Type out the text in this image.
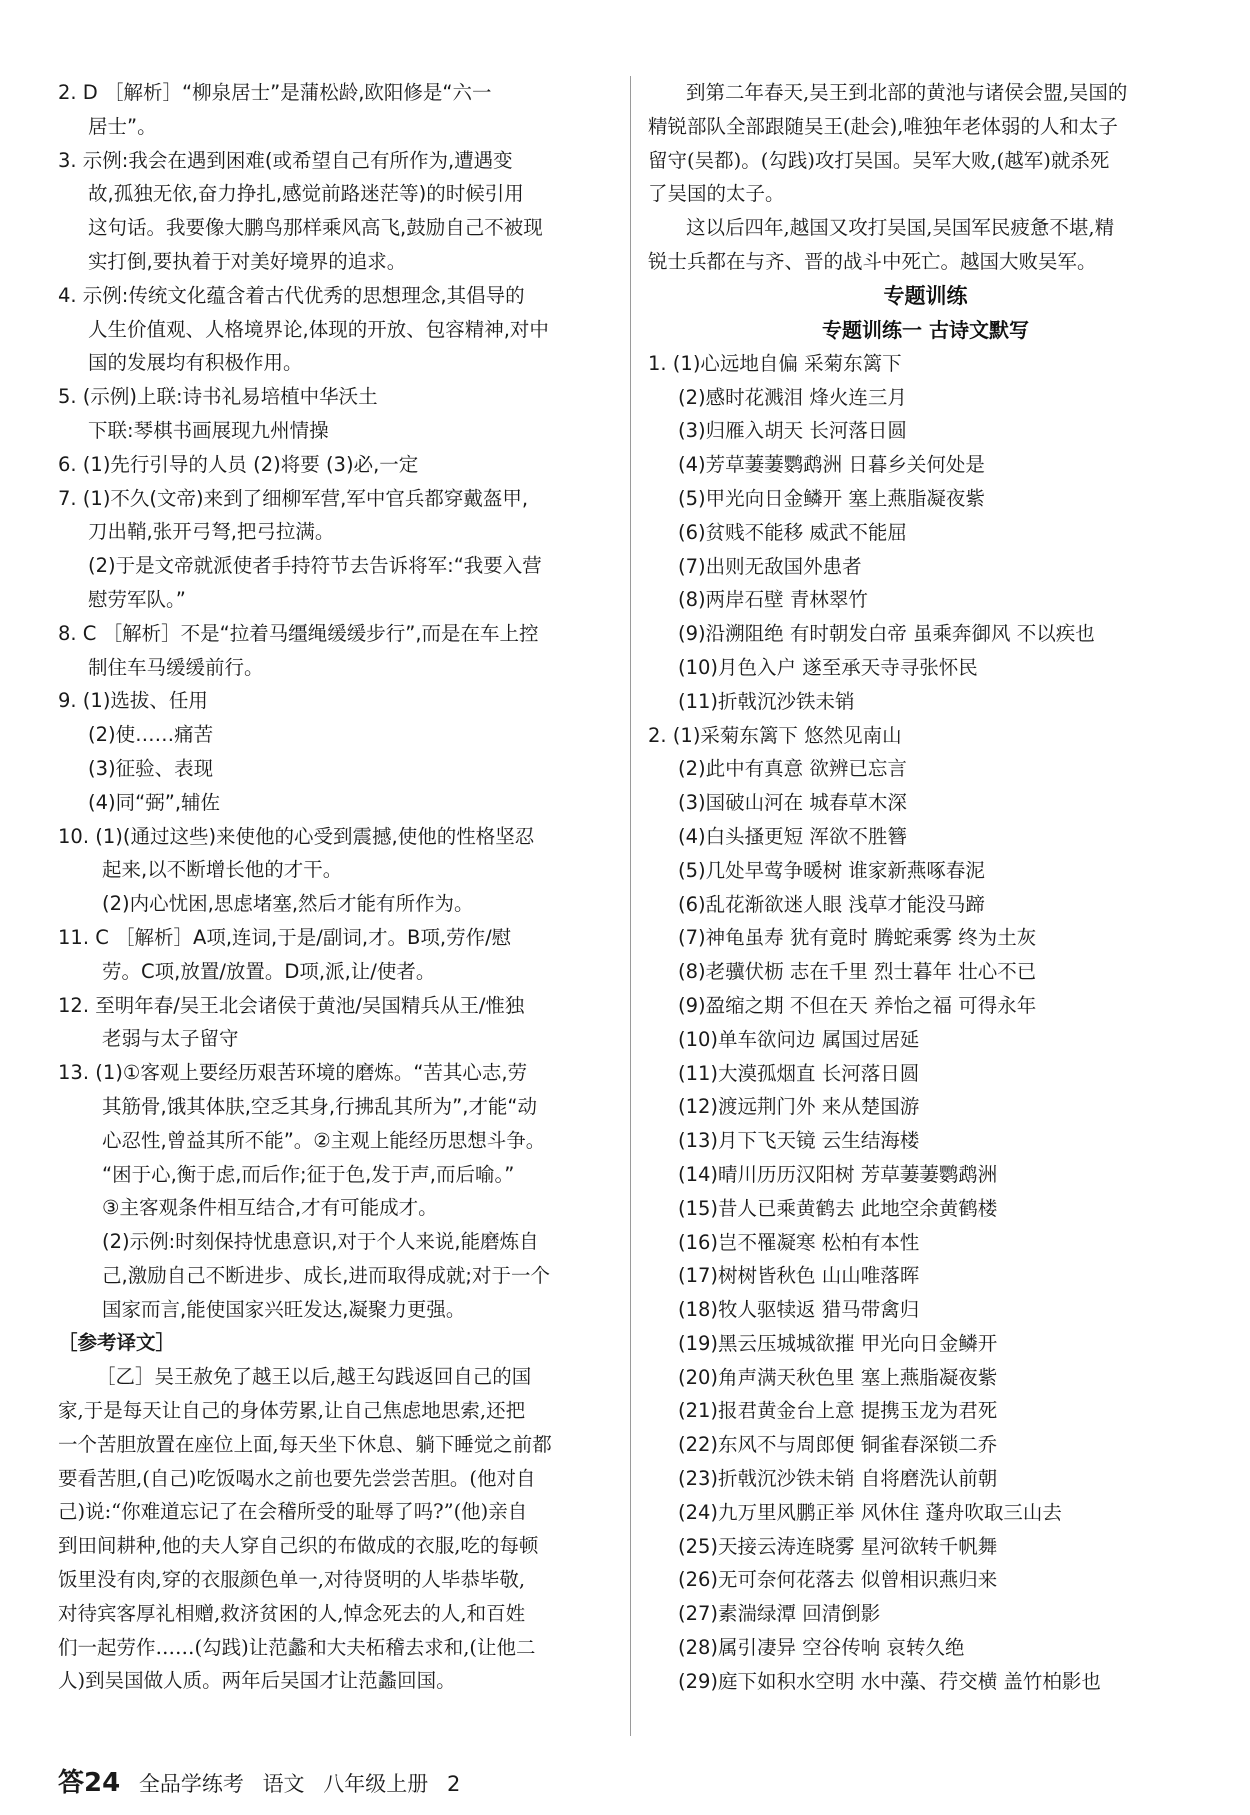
2. D ［解析］“柳泉居士”是蒲松龄,欧阳修是“六一
居士”。
3. 示例:我会在遇到困难(或希望自己有所作为,遭遇变
故,孤独无依,奋力挣扎,感觉前路迷茫等)的时候引用
这句话。我要像大鹏鸟那样乘风高飞,鼓励自己不被现
实打倒,要执着于对美好境界的追求。
4. 示例:传统文化蕴含着古代优秀的思想理念,其倡导的
人生价值观、人格境界论,体现的开放、包容精神,对中
国的发展均有积极作用。
5. (示例)上联:诗书礼易培植中华沃土
下联:琴棋书画展现九州情操
6. (1)先行引导的人员 (2)将要 (3)必,一定
7. (1)不久(文帝)来到了细柳军营,军中官兵都穿戴盔甲,
刀出鞘,张开弓弩,把弓拉满。
(2)于是文帝就派使者手持符节去告诉将军:“我要入营
慰劳军队。”
8. C ［解析］不是“拉着马缰绳缓缓步行”,而是在车上控
制住车马缓缓前行。
9. (1)选拔、任用
(2)使……痛苦
(3)征验、表现
(4)同“弼”,辅佐
10. (1)(通过这些)来使他的心受到震撼,使他的性格坚忍
起来,以不断增长他的才干。
(2)内心忧困,思虑堵塞,然后才能有所作为。
11. C ［解析］A项,连词,于是/副词,才。B项,劳作/慰
劳。C项,放置/放置。D项,派,让/使者。
12. 至明年春/吴王北会诸侯于黄池/吴国精兵从王/惟独
老弱与太子留守
13. (1)①客观上要经历艰苦环境的磨炼。“苦其心志,劳
其筋骨,饿其体肤,空乏其身,行拂乱其所为”,才能“动
心忍性,曾益其所不能”。②主观上能经历思想斗争。
“困于心,衡于虑,而后作;征于色,发于声,而后喻。”
③主客观条件相互结合,才有可能成才。
(2)示例:时刻保持忧患意识,对于个人来说,能磨炼自
己,激励自己不断进步、成长,进而取得成就;对于一个
国家而言,能使国家兴旺发达,凝聚力更强。
［参考译文］
［乙］吴王赦免了越王以后,越王勾践返回自己的国
家,于是每天让自己的身体劳累,让自己焦虑地思索,还把
一个苦胆放置在座位上面,每天坐下休息、躺下睡觉之前都
要看苦胆,(自己)吃饭喝水之前也要先尝尝苦胆。(他对自
己)说:“你难道忘记了在会稽所受的耻辱了吗?”(他)亲自
到田间耕种,他的夫人穿自己织的布做成的衣服,吃的每顿
饭里没有肉,穿的衣服颜色单一,对待贤明的人毕恭毕敬,
对待宾客厚礼相赠,救济贫困的人,悼念死去的人,和百姓
们一起劳作……(勾践)让范蠡和大夫柘稽去求和,(让他二
人)到吴国做人质。两年后吴国才让范蠡回国。
到第二年春天,吴王到北部的黄池与诸侯会盟,吴国的
精锐部队全部跟随吴王(赴会),唯独年老体弱的人和太子
留守(吴都)。(勾践)攻打吴国。吴军大败,(越军)就杀死
了吴国的太子。
这以后四年,越国又攻打吴国,吴国军民疲惫不堪,精
锐士兵都在与齐、晋的战斗中死亡。越国大败吴军。
专题训练
专题训练一 古诗文默写
1. (1)心远地自偏 采菊东篱下
(2)感时花溅泪 烽火连三月
(3)归雁入胡天 长河落日圆
(4)芳草萋萋鹦鹉洲 日暮乡关何处是
(5)甲光向日金鳞开 塞上燕脂凝夜紫
(6)贫贱不能移 威武不能屈
(7)出则无敌国外患者
(8)两岸石壁 青林翠竹
(9)沿溯阻绝 有时朝发白帝 虽乘奔御风 不以疾也
(10)月色入户 遂至承天寺寻张怀民
(11)折戟沉沙铁未销
2. (1)采菊东篱下 悠然见南山
(2)此中有真意 欲辨已忘言
(3)国破山河在 城春草木深
(4)白头搔更短 浑欲不胜簪
(5)几处早莺争暖树 谁家新燕啄春泥
(6)乱花渐欲迷人眼 浅草才能没马蹄
(7)神龟虽寿 犹有竟时 腾蛇乘雾 终为土灰
(8)老骥伏枥 志在千里 烈士暮年 壮心不已
(9)盈缩之期 不但在天 养怡之福 可得永年
(10)单车欲问边 属国过居延
(11)大漠孤烟直 长河落日圆
(12)渡远荆门外 来从楚国游
(13)月下飞天镜 云生结海楼
(14)晴川历历汉阳树 芳草萋萋鹦鹉洲
(15)昔人已乘黄鹤去 此地空余黄鹤楼
(16)岂不罹凝寒 松柏有本性
(17)树树皆秋色 山山唯落晖
(18)牧人驱犊返 猎马带禽归
(19)黑云压城城欲摧 甲光向日金鳞开
(20)角声满天秋色里 塞上燕脂凝夜紫
(21)报君黄金台上意 提携玉龙为君死
(22)东风不与周郎便 铜雀春深锁二乔
(23)折戟沉沙铁未销 自将磨洗认前朝
(24)九万里风鹏正举 风休住 蓬舟吹取三山去
(25)天接云涛连晓雾 星河欲转千帆舞
(26)无可奈何花落去 似曾相识燕归来
(27)素湍绿潭 回清倒影
(28)属引凄异 空谷传响 哀转久绝
(29)庭下如积水空明 水中藻、荇交横 盖竹柏影也
答24 全品学练考 语文 八年级上册 2
